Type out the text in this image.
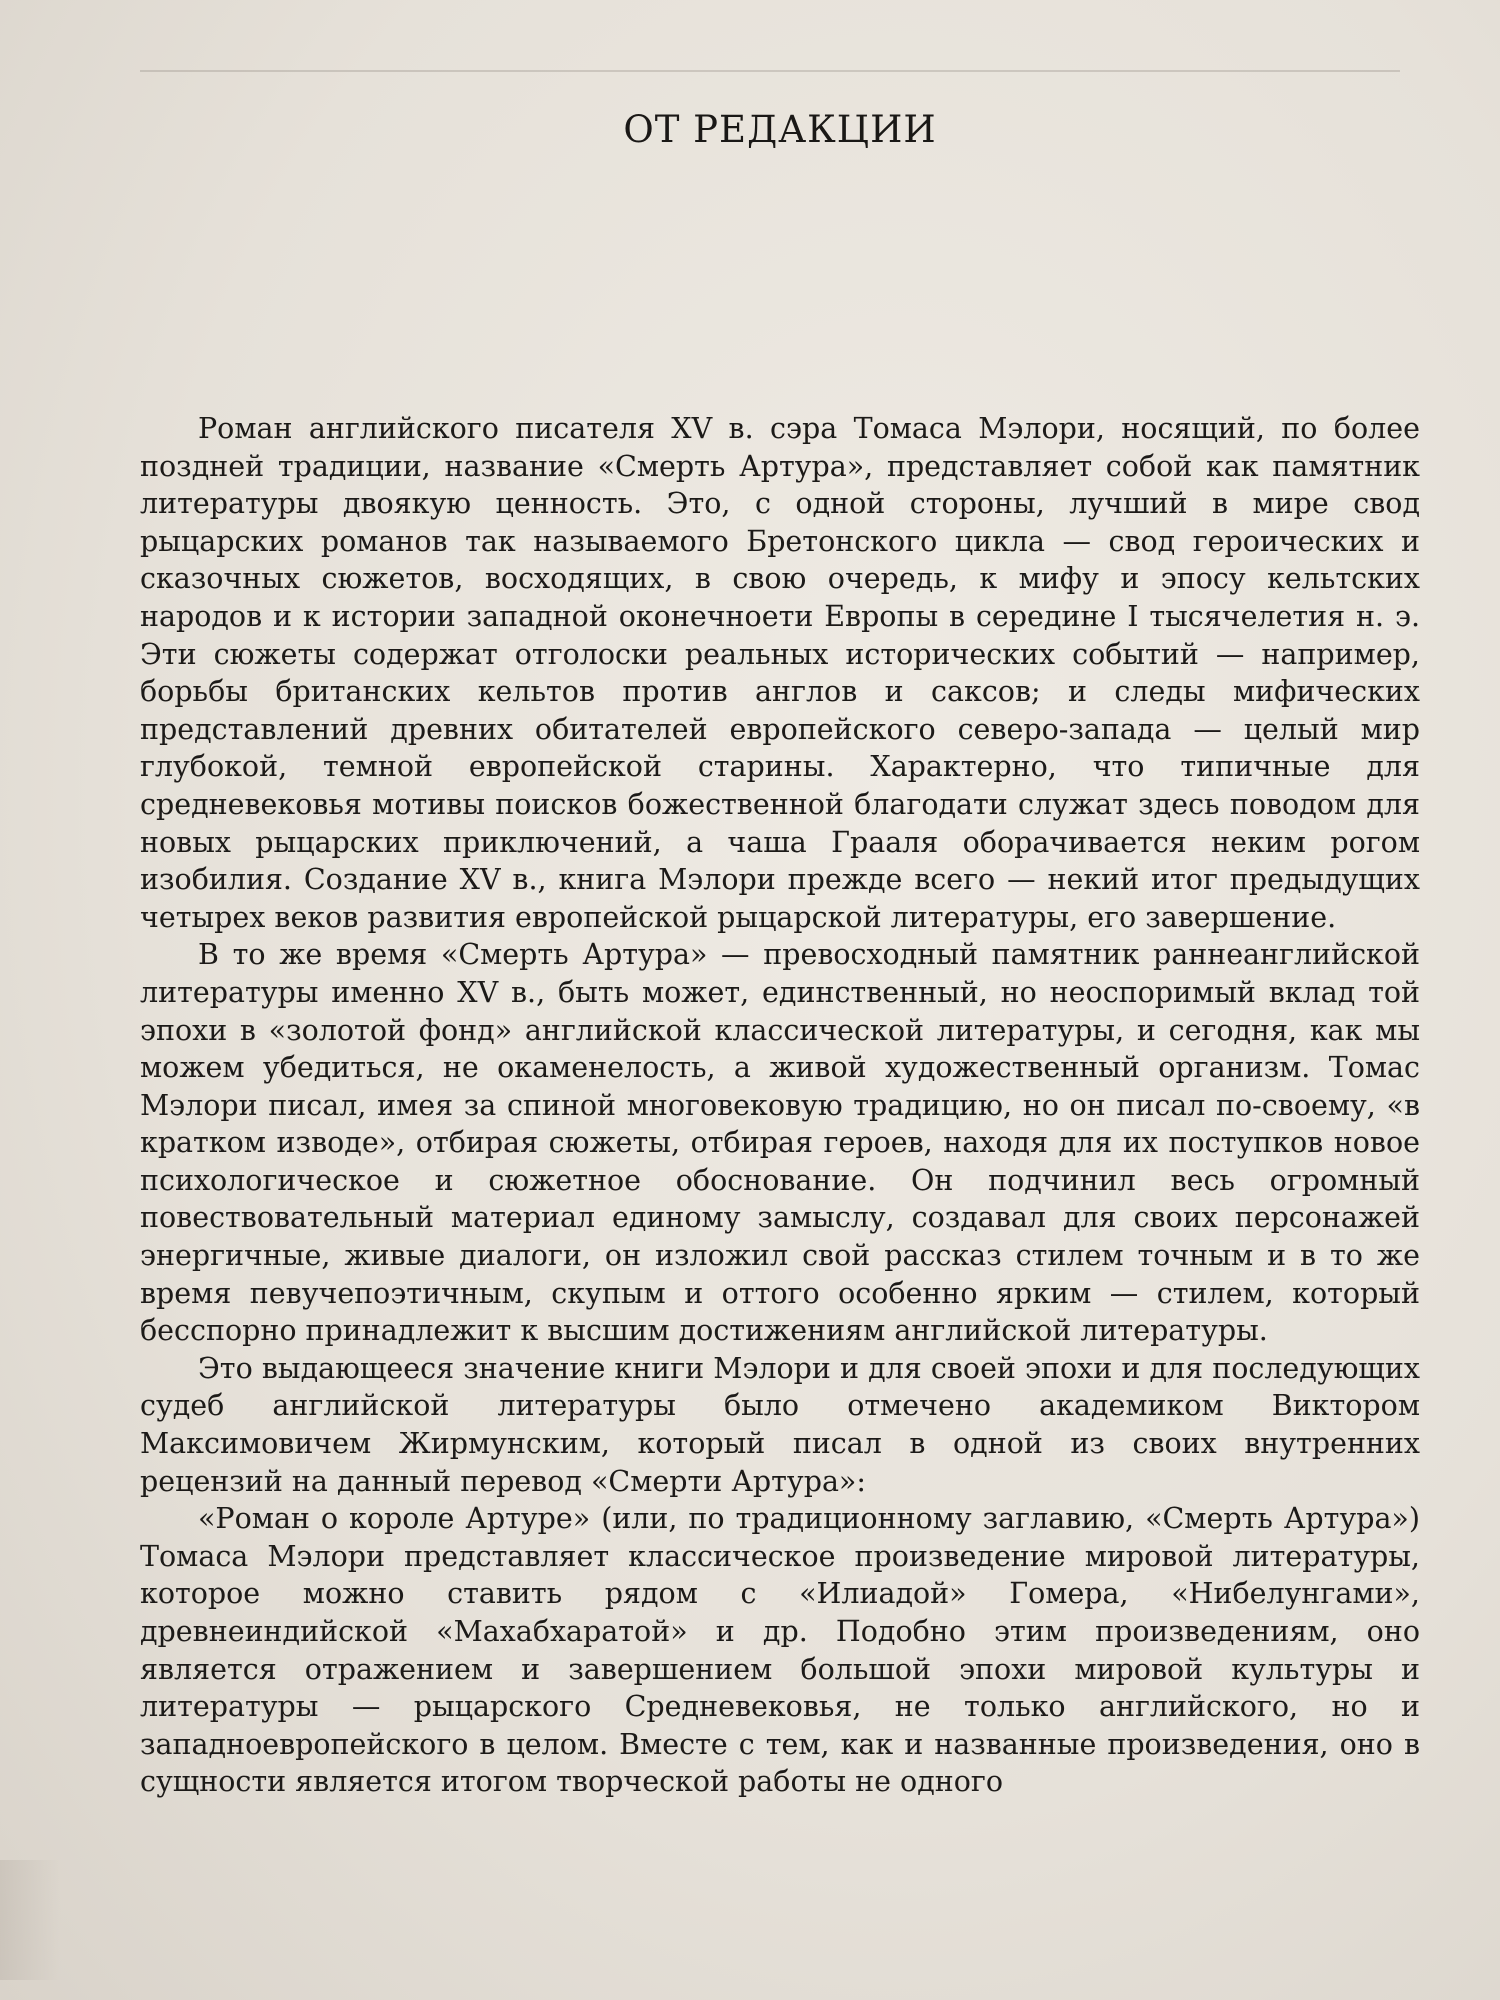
ОТ РЕДАКЦИИ

Роман английского писателя XV в. сэра Томаса Мэлори, носящий, по более поздней традиции, название «Смерть Артура», представляет собой как памятник литературы двоякую ценность. Это, с одной стороны, лучший в мире свод рыцарских романов так называемого Бретонского цикла — свод героических и сказочных сюжетов, восходящих, в свою очередь, к мифу и эпосу кельтских народов и к истории западной оконечноети Европы в середине I тысячелетия н. э. Эти сюжеты содержат отголоски реальных исторических событий — например, борьбы британских кельтов против англов и саксов; и следы мифических представлений древних обитателей европейского северо-запада — целый мир глубокой, темной европейской старины. Характерно, что типичные для средневековья мотивы поисков божественной благодати служат здесь поводом для новых рыцарских приключений, а чаша Грааля оборачивается неким рогом изобилия. Создание XV в., книга Мэлори прежде всего — некий итог предыдущих четырех веков развития европейской рыцарской литературы, его завершение.

В то же время «Смерть Артура» — превосходный памятник раннеанглийской литературы именно XV в., быть может, единственный, но неоспоримый вклад той эпохи в «золотой фонд» английской классической литературы, и сегодня, как мы можем убедиться, не окаменелость, а живой художественный организм. Томас Мэлори писал, имея за спиной многовековую традицию, но он писал по-своему, «в кратком изводе», отбирая сюжеты, отбирая героев, находя для их поступков новое психологическое и сюжетное обоснование. Он подчинил весь огромный повествовательный материал единому замыслу, создавал для своих персонажей энергичные, живые диалоги, он изложил свой рассказ стилем точным и в то же время певучепоэтичным, скупым и оттого особенно ярким — стилем, который бесспорно принадлежит к высшим достижениям английской литературы.

Это выдающееся значение книги Мэлори и для своей эпохи и для последующих судеб английской литературы было отмечено академиком Виктором Максимовичем Жирмунским, который писал в одной из своих внутренних рецензий на данный перевод «Смерти Артура»:

«Роман о короле Артуре» (или, по традиционному заглавию, «Смерть Артура») Томаса Мэлори представляет классическое произведение мировой литературы, которое можно ставить рядом с «Илиадой» Гомера, «Нибелунгами», древнеиндийской «Махабхаратой» и др. Подобно этим произведениям, оно является отражением и завершением большой эпохи мировой культуры и литературы — рыцарского Средневековья, не только английского, но и западноевропейского в целом. Вместе с тем, как и названные произведения, оно в сущности является итогом творческой работы не одного
